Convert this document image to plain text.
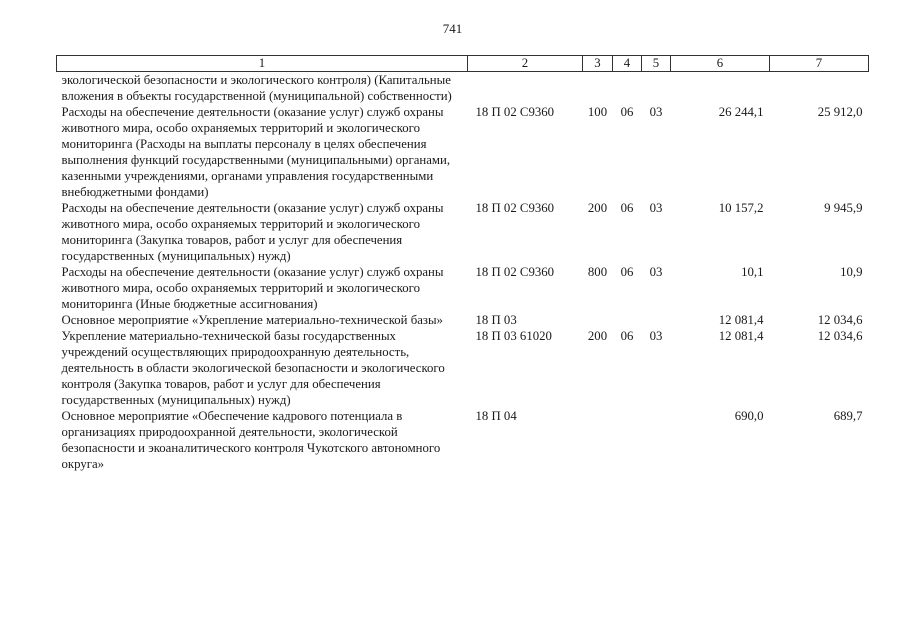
741
1	2	3	4	5	6	7
экологической безопасности и экологического контроля) (Капитальные вложения в объекты государственной (муниципальной) собственности)						
Расходы на обеспечение деятельности (оказание услуг) служб охраны животного мира, особо охраняемых территорий и экологического мониторинга (Расходы на выплаты персоналу в целях обеспечения выполнения функций государственными (муниципальными) органами, казенными учреждениями, органами управления государственными внебюджетными фондами)	18 П 02 С9360	100	06	03	26 244,1	25 912,0
Расходы на обеспечение деятельности (оказание услуг) служб охраны животного мира, особо охраняемых территорий и экологического мониторинга (Закупка товаров, работ и услуг для обеспечения государственных (муниципальных) нужд)	18 П 02 С9360	200	06	03	10 157,2	9 945,9
Расходы на обеспечение деятельности (оказание услуг) служб охраны животного мира, особо охраняемых территорий и экологического мониторинга (Иные бюджетные ассигнования)	18 П 02 С9360	800	06	03	10,1	10,9
Основное мероприятие «Укрепление материально-технической базы»	18 П 03				12 081,4	12 034,6
Укрепление материально-технической базы государственных учреждений осуществляющих природоохранную деятельность, деятельность в области экологической безопасности и экологического контроля (Закупка товаров, работ и услуг для обеспечения государственных (муниципальных) нужд)	18 П 03 61020	200	06	03	12 081,4	12 034,6
Основное мероприятие «Обеспечение кадрового потенциала в организациях природоохранной деятельности, экологической безопасности и экоаналитического контроля Чукотского автономного округа»	18 П 04				690,0	689,7
